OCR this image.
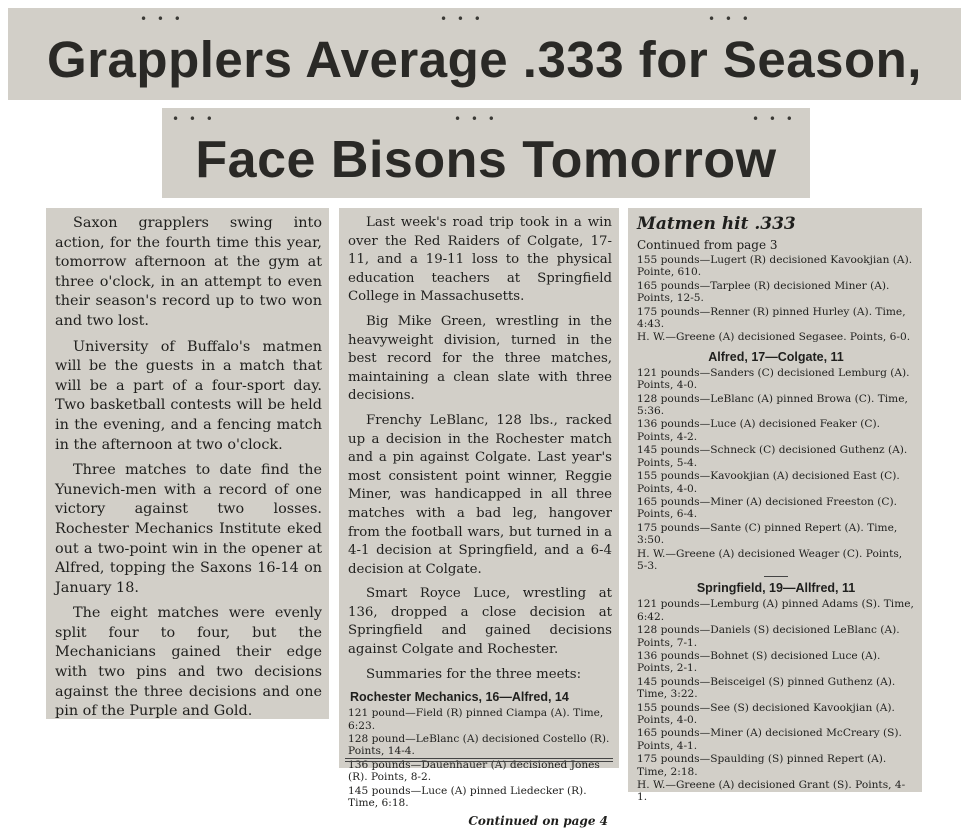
• • •	• • •	• • •
Grapplers Average .333 for Season,
• • •	• • •	• • •
Face Bisons Tomorrow

Saxon grapplers swing into action, for the fourth time this year, tomorrow afternoon at the gym at three o'clock, in an attempt to even their season's record up to two won and two lost.

University of Buffalo's matmen will be the guests in a match that will be a part of a four-sport day. Two basketball contests will be held in the evening, and a fencing match in the afternoon at two o'clock.

Three matches to date find the Yunevich-men with a record of one victory against two losses. Rochester Mechanics Institute eked out a two-point win in the opener at Alfred, topping the Saxons 16-14 on January 18.

The eight matches were evenly split four to four, but the Mechanicians gained their edge with two pins and two decisions against the three decisions and one pin of the Purple and Gold.

Last week's road trip took in a win over the Red Raiders of Colgate, 17-11, and a 19-11 loss to the physical education teachers at Springfield College in Massachusetts.

Big Mike Green, wrestling in the heavyweight division, turned in the best record for the three matches, maintaining a clean slate with three decisions.

Frenchy LeBlanc, 128 lbs., racked up a decision in the Rochester match and a pin against Colgate. Last year's most consistent point winner, Reggie Miner, was handicapped in all three matches with a bad leg, hangover from the football wars, but turned in a 4-1 decision at Springfield, and a 6-4 decision at Colgate.

Smart Royce Luce, wrestling at 136, dropped a close decision at Springfield and gained decisions against Colgate and Rochester.

Summaries for the three meets:

Rochester Mechanics, 16—Alfred, 14
121 pound—Field (R) pinned Ciampa (A). Time, 6:23.
128 pound—LeBlanc (A) decisioned Costello (R). Points, 14-4.
136 pounds—Dauenhauer (A) decisioned Jones (R). Points, 8-2.
145 pounds—Luce (A) pinned Liedecker (R). Time, 6:18.
Continued on page 4
Matmen hit .333
Continued from page 3
155 pounds—Lugert (R) decisioned Kavookjian (A). Pointe, 610.
165 pounds—Tarplee (R) decisioned Miner (A). Points, 12-5.
175 pounds—Renner (R) pinned Hurley (A). Time, 4:43.
H. W.—Greene (A) decisioned Segasee. Points, 6-0.
Alfred, 17—Colgate, 11
121 pounds—Sanders (C) decisioned Lemburg (A). Points, 4-0.
128 pounds—LeBlanc (A) pinned Browa (C). Time, 5:36.
136 pounds—Luce (A) decisioned Feaker (C). Points, 4-2.
145 pounds—Schneck (C) decisioned Guthenz (A). Points, 5-4.
155 pounds—Kavookjian (A) decisioned East (C). Points, 4-0.
165 pounds—Miner (A) decisioned Freeston (C). Points, 6-4.
175 pounds—Sante (C) pinned Repert (A). Time, 3:50.
H. W.—Greene (A) decisioned Weager (C). Points, 5-3.
Springfield, 19—Allfred, 11
121 pounds—Lemburg (A) pinned Adams (S). Time, 6:42.
128 pounds—Daniels (S) decisioned LeBlanc (A). Points, 7-1.
136 pounds—Bohnet (S) decisioned Luce (A). Points, 2-1.
145 pounds—Beisceigel (S) pinned Guthenz (A). Time, 3:22.
155 pounds—See (S) decisioned Kavookjian (A). Points, 4-0.
165 pounds—Miner (A) decisioned McCreary (S). Points, 4-1.
175 pounds—Spaulding (S) pinned Repert (A). Time, 2:18.
H. W.—Greene (A) decisioned Grant (S). Points, 4-1.
